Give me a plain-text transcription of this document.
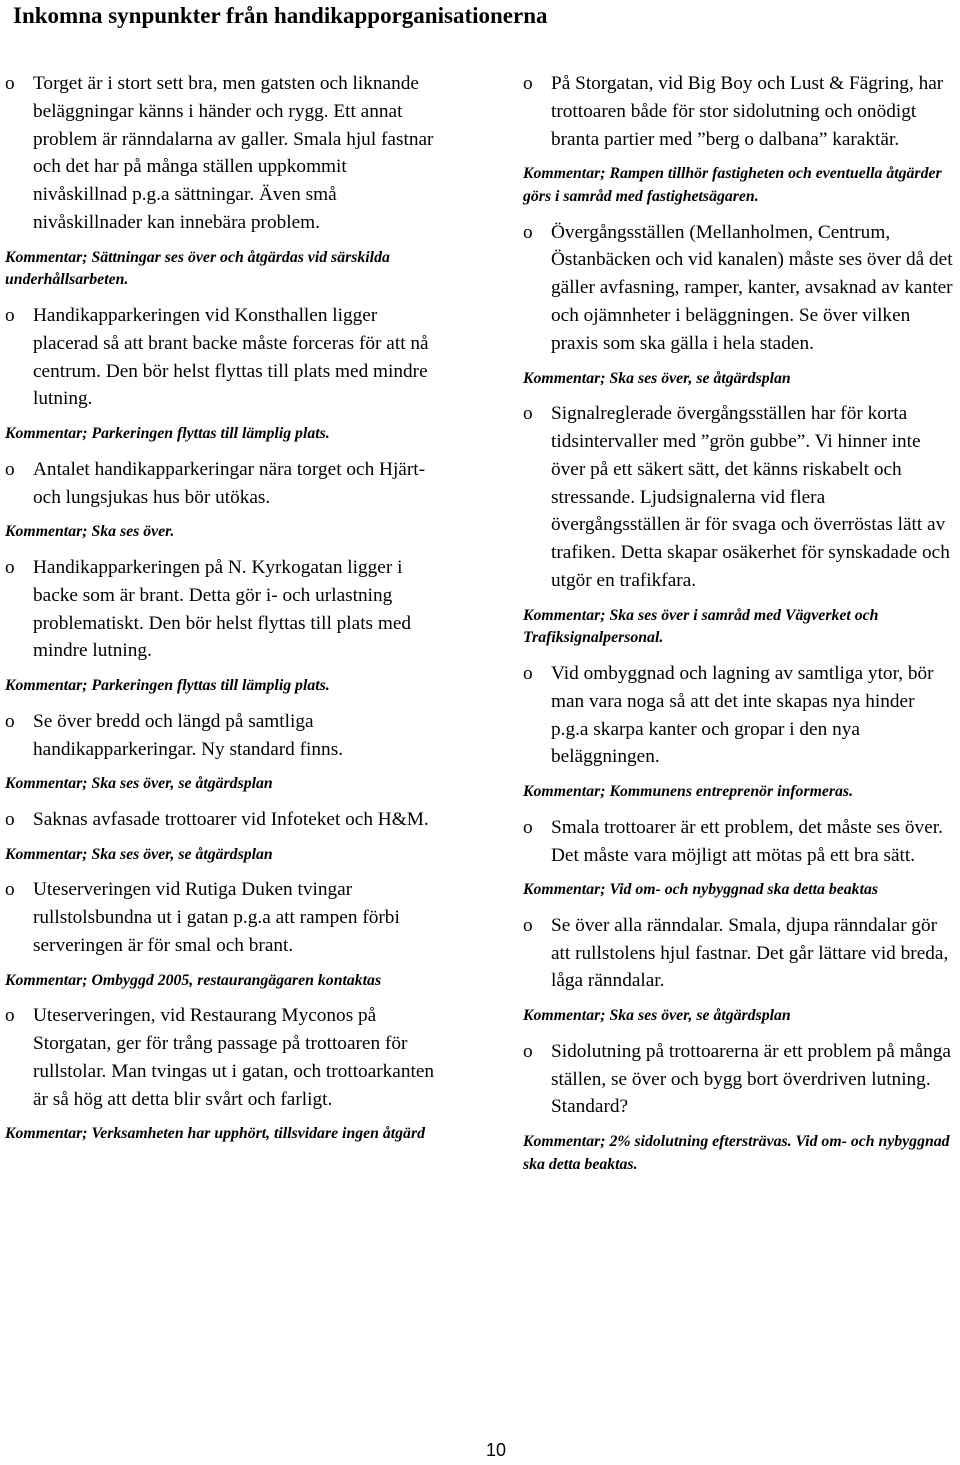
Inkomna synpunkter från handikapporganisationerna
o Torget är i stort sett bra, men gatsten och liknande beläggningar känns i händer och rygg. Ett annat problem är ränndalarna av galler. Smala hjul fastnar och det har på många ställen uppkommit nivåskillnad p.g.a sättningar. Även små nivåskillnader kan innebära problem.
Kommentar; Sättningar ses över och åtgärdas vid särskilda underhållsarbeten.
o Handikapparkeringen vid Konsthallen ligger placerad så att brant backe måste forceras för att nå centrum. Den bör helst flyttas till plats med mindre lutning.
Kommentar; Parkeringen flyttas till lämplig plats.
o Antalet handikapparkeringar nära torget och Hjärt- och lungsjukas hus bör utökas.
Kommentar; Ska ses över.
o Handikapparkeringen på N. Kyrkogatan ligger i backe som är brant. Detta gör i- och urlastning problematiskt. Den bör helst flyttas till plats med mindre lutning.
Kommentar; Parkeringen flyttas till lämplig plats.
o Se över bredd och längd på samtliga handikapparkeringar. Ny standard finns.
Kommentar; Ska ses över, se åtgärdsplan
o Saknas avfasade trottoarer vid Infoteket och H&M.
Kommentar; Ska ses över, se åtgärdsplan
o Uteserveringen vid Rutiga Duken tvingar rullstolsbundna ut i gatan p.g.a att rampen förbi serveringen är för smal och brant.
Kommentar; Ombyggd 2005, restaurangägaren kontaktas
o Uteserveringen, vid Restaurang Myconos på Storgatan, ger för trång passage på trottoaren för rullstolar. Man tvingas ut i gatan, och trottoarkanten är så hög att detta blir svårt och farligt.
Kommentar; Verksamheten har upphört, tillsvidare ingen åtgärd
o På Storgatan, vid Big Boy och Lust & Fägring, har trottoaren både för stor sidolutning och onödigt branta partier med ”berg o dalbana” karaktär.
Kommentar; Rampen tillhör fastigheten och eventuella åtgärder görs i samråd med fastighetsägaren.
o Övergångsställen (Mellanholmen, Centrum, Östanbäcken och vid kanalen) måste ses över då det gäller avfasning, ramper, kanter, avsaknad av kanter och ojämnheter i beläggningen. Se över vilken praxis som ska gälla i hela staden.
Kommentar; Ska ses över, se åtgärdsplan
o Signalreglerade övergångsställen har för korta tidsintervaller med ”grön gubbe”. Vi hinner inte över på ett säkert sätt, det känns riskabelt och stressande. Ljudsignalerna vid flera övergångsställen är för svaga och överröstas lätt av trafiken. Detta skapar osäkerhet för synskadade och utgör en trafikfara.
Kommentar; Ska ses över i samråd med Vägverket och Trafiksignalpersonal.
o Vid ombyggnad och lagning av samtliga ytor, bör man vara noga så att det inte skapas nya hinder p.g.a skarpa kanter och gropar i den nya beläggningen.
Kommentar; Kommunens entreprenör informeras.
o Smala trottoarer är ett problem, det måste ses över. Det måste vara möjligt att mötas på ett bra sätt.
Kommentar; Vid om- och nybyggnad ska detta beaktas
o Se över alla ränndalar. Smala, djupa ränndalar gör att rullstolens hjul fastnar. Det går lättare vid breda, låga ränndalar.
Kommentar; Ska ses över, se åtgärdsplan
o Sidolutning på trottoarerna är ett problem på många ställen, se över och bygg bort överdriven lutning. Standard?
Kommentar; 2% sidolutning eftersträvas. Vid om- och nybyggnad ska detta beaktas.
10
